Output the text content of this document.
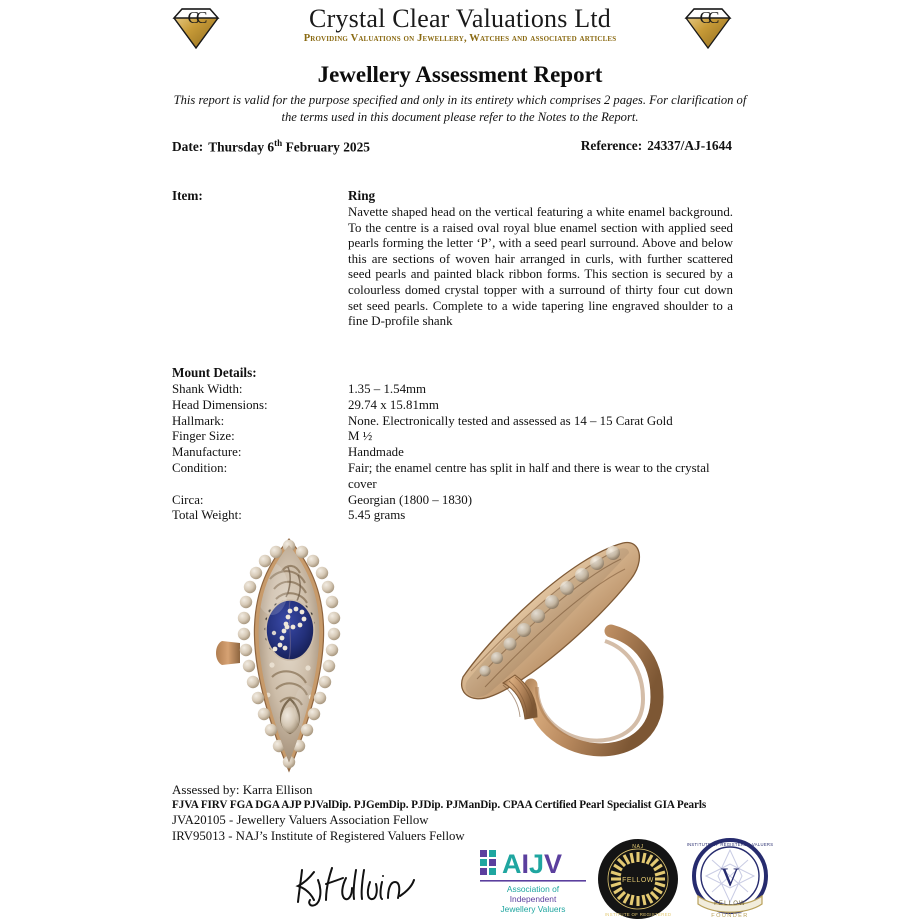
CC	CC
Crystal Clear Valuations Ltd
Providing Valuations on Jewellery, Watches and associated articles
Jewellery Assessment Report
This report is valid for the purpose specified and only in its entirety which comprises 2 pages. For clarification of the terms used in this document please refer to the Notes to the Report.
Date: Thursday 6th February 2025	Reference: 24337/AJ-1644
Item:	Ring
Navette shaped head on the vertical featuring a white enamel background. To the centre is a raised oval royal blue enamel section with applied seed pearls forming the letter ‘P’, with a seed pearl surround. Above and below this are sections of woven hair arranged in curls, with further scattered seed pearls and painted black ribbon forms. This section is secured by a colourless domed crystal topper with a surround of thirty four cut down set seed pearls. Complete to a wide tapering line engraved shoulder to a fine D-profile shank
Mount Details:
Shank Width:	1.35 – 1.54mm
Head Dimensions:	29.74 x 15.81mm
Hallmark:	None. Electronically tested and assessed as 14 – 15 Carat Gold
Finger Size:	M ½
Manufacture:	Handmade
Condition:	Fair; the enamel centre has split in half and there is wear to the crystal cover
Circa:	Georgian (1800 – 1830)
Total Weight:	5.45 grams
Assessed by: Karra Ellison
FJVA FIRV FGA DGA AJP PJValDip. PJGemDip. PJDip. PJManDip. CPAA Certified Pearl Specialist GIA Pearls
JVA20105 - Jewellery Valuers Association Fellow
IRV95013 - NAJ’s Institute of Registered Valuers Fellow
AIJV
Association of
Independent
Jewellery Valuers
FELLOW
NAJ
INSTITUTE OF REGISTERED
V
FELLOW
FOUNDER
INSTITUTE OF REGISTERED VALUERS
